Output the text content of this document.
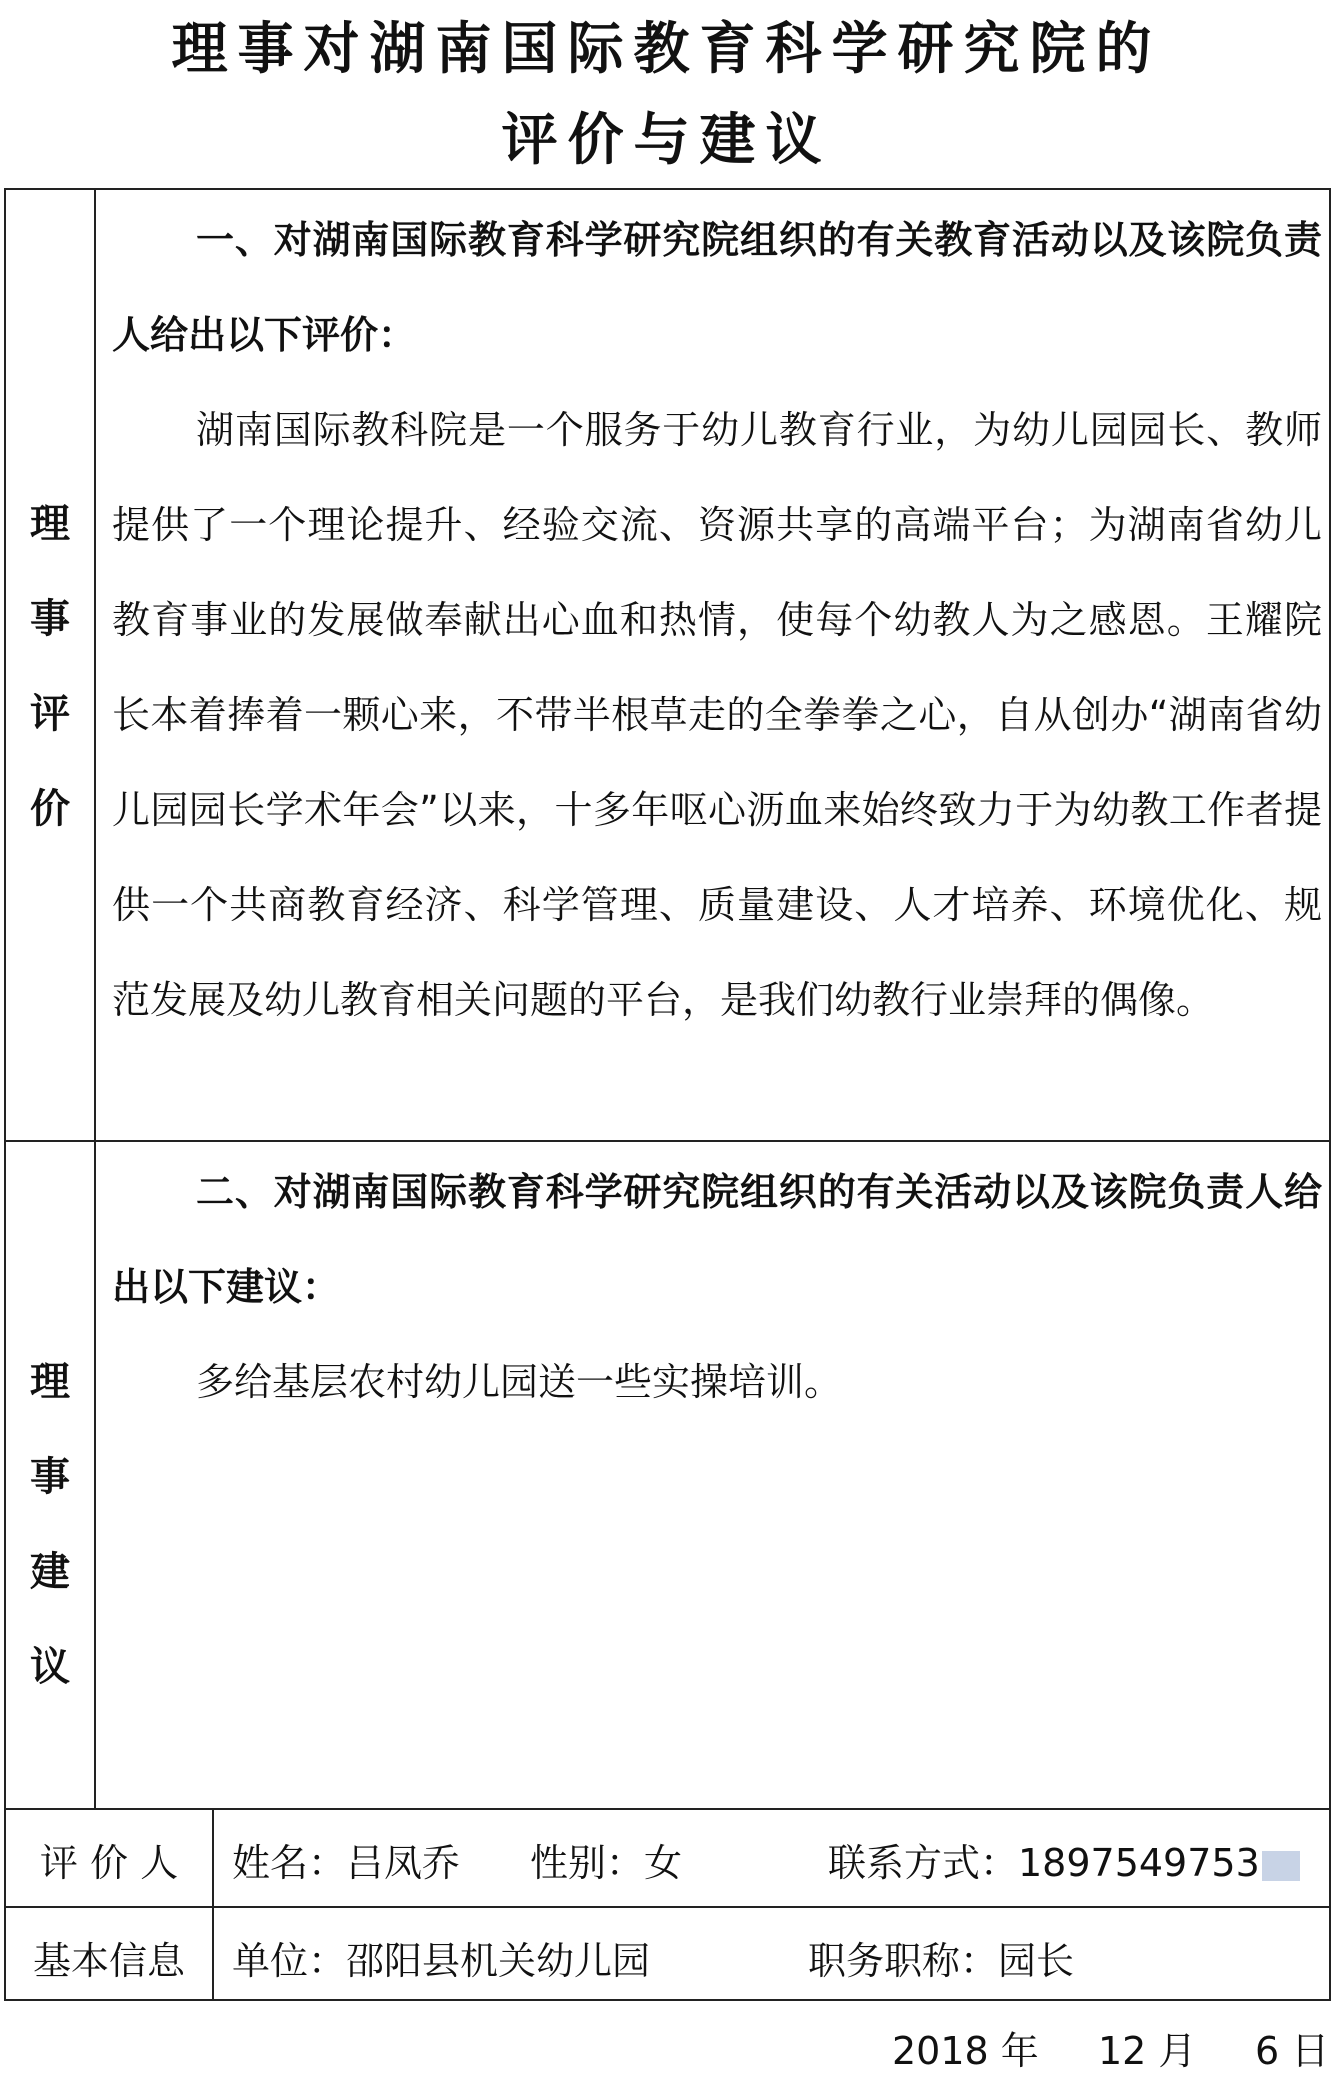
理事对湖南国际教育科学研究院的
评价与建议
理
事
评
价

一、对湖南国际教育科学研究院组织的有关教育活动以及该院负责人给出以下评价：

湖南国际教科院是一个服务于幼儿教育行业，为幼儿园园长、教师提供了一个理论提升、经验交流、资源共享的高端平台；为湖南省幼儿教育事业的发展做奉献出心血和热情，使每个幼教人为之感恩。王耀院长本着捧着一颗心来，不带半根草走的全拳拳之心，自从创办“湖南省幼儿园园长学术年会”以来，十多年呕心沥血来始终致力于为幼教工作者提供一个共商教育经济、科学管理、质量建设、人才培养、环境优化、规范发展及幼儿教育相关问题的平台，是我们幼教行业崇拜的偶像。

理
事
建
议

二、对湖南国际教育科学研究院组织的有关活动以及该院负责人给出以下建议：

多给基层农村幼儿园送一些实操培训。

评 价 人

基本信息

姓名：吕凤乔 性别：女	联系方式：1897549753

单位：邵阳县机关幼儿园	职务职称：园长

2018 年 12 月 6 日
